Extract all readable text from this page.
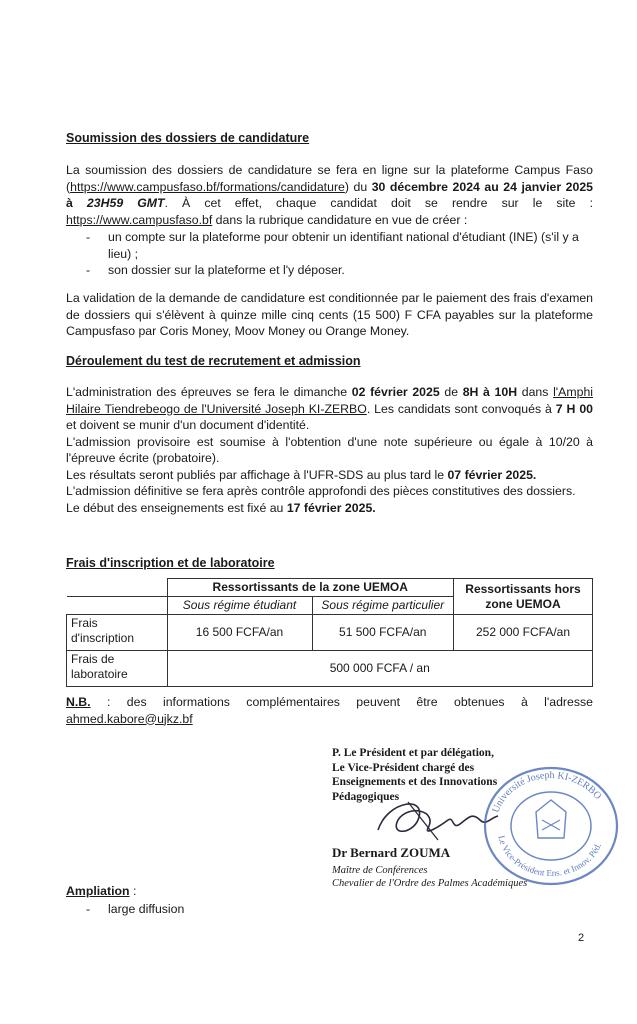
Soumission des dossiers de candidature
La soumission des dossiers de candidature se fera en ligne sur la plateforme Campus Faso (https://www.campusfaso.bf/formations/candidature) du 30 décembre 2024 au 24 janvier 2025 à 23H59 GMT. À cet effet, chaque candidat doit se rendre sur le site : https://www.campusfaso.bf dans la rubrique candidature en vue de créer :
- un compte sur la plateforme pour obtenir un identifiant national d'étudiant (INE) (s'il y a lieu) ;
- son dossier sur la plateforme et l'y déposer.
La validation de la demande de candidature est conditionnée par le paiement des frais d'examen de dossiers qui s'élèvent à quinze mille cinq cents (15 500) F CFA payables sur la plateforme Campusfaso par Coris Money, Moov Money ou Orange Money.
Déroulement du test de recrutement et admission

L'administration des épreuves se fera le dimanche 02 février 2025 de 8H à 10H dans l'Amphi Hilaire Tiendrebeogo de l'Université Joseph KI-ZERBO. Les candidats sont convoqués à 7 H 00 et doivent se munir d'un document d'identité.

L'admission provisoire est soumise à l'obtention d'une note supérieure ou égale à 10/20 à l'épreuve écrite (probatoire).

Les résultats seront publiés par affichage à l'UFR-SDS au plus tard le 07 février 2025.

L'admission définitive se fera après contrôle approfondi des pièces constitutives des dossiers.

Le début des enseignements est fixé au 17 février 2025.

Frais d'inscription et de laboratoire
	Ressortissants de la zone UEMOA		Ressortissants hors zone UEMOA
	Sous régime étudiant	Sous régime particulier	
Frais d'inscription	16 500 FCFA/an	51 500 FCFA/an	252 000 FCFA/an
Frais de laboratoire	500 000 FCFA / an		
N.B. : des informations complémentaires peuvent être obtenues à l'adresse ahmed.kabore@ujkz.bf
P. Le Président et par délégation,
Le Vice-Président chargé des
Enseignements et des Innovations
Pédagogiques
Université Joseph KI-ZERBO
Le Vice-Président Ens. et Innov. Péd.
Dr Bernard ZOUMA
Maître de Conférences
Chevalier de l'Ordre des Palmes Académiques
Ampliation :
- large diffusion
2
